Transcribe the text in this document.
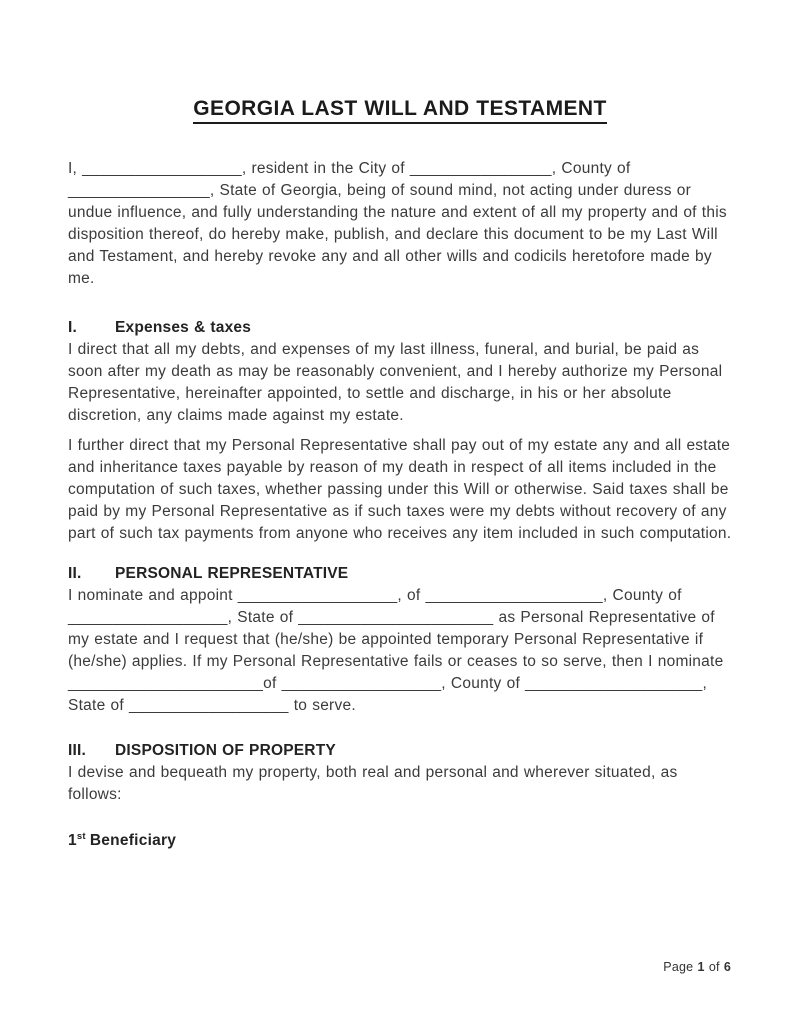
GEORGIA LAST WILL AND TESTAMENT

I, __________________, resident in the City of ________________, County of ________________, State of Georgia, being of sound mind, not acting under duress or undue influence, and fully understanding the nature and extent of all my property and of this disposition thereof, do hereby make, publish, and declare this document to be my Last Will and Testament, and hereby revoke any and all other wills and codicils heretofore made by me.

I. Expenses & taxes

I direct that all my debts, and expenses of my last illness, funeral, and burial, be paid as soon after my death as may be reasonably convenient, and I hereby authorize my Personal Representative, hereinafter appointed, to settle and discharge, in his or her absolute discretion, any claims made against my estate.

I further direct that my Personal Representative shall pay out of my estate any and all estate and inheritance taxes payable by reason of my death in respect of all items included in the computation of such taxes, whether passing under this Will or otherwise. Said taxes shall be paid by my Personal Representative as if such taxes were my debts without recovery of any part of such tax payments from anyone who receives any item included in such computation.

II. PERSONAL REPRESENTATIVE

I nominate and appoint __________________, of ____________________, County of __________________, State of ______________________ as Personal Representative of my estate and I request that (he/she) be appointed temporary Personal Representative if (he/she) applies. If my Personal Representative fails or ceases to so serve, then I nominate ______________________of __________________, County of ____________________, State of __________________ to serve.

III. DISPOSITION OF PROPERTY

I devise and bequeath my property, both real and personal and wherever situated, as follows:

1st Beneficiary
Page 1 of 6
